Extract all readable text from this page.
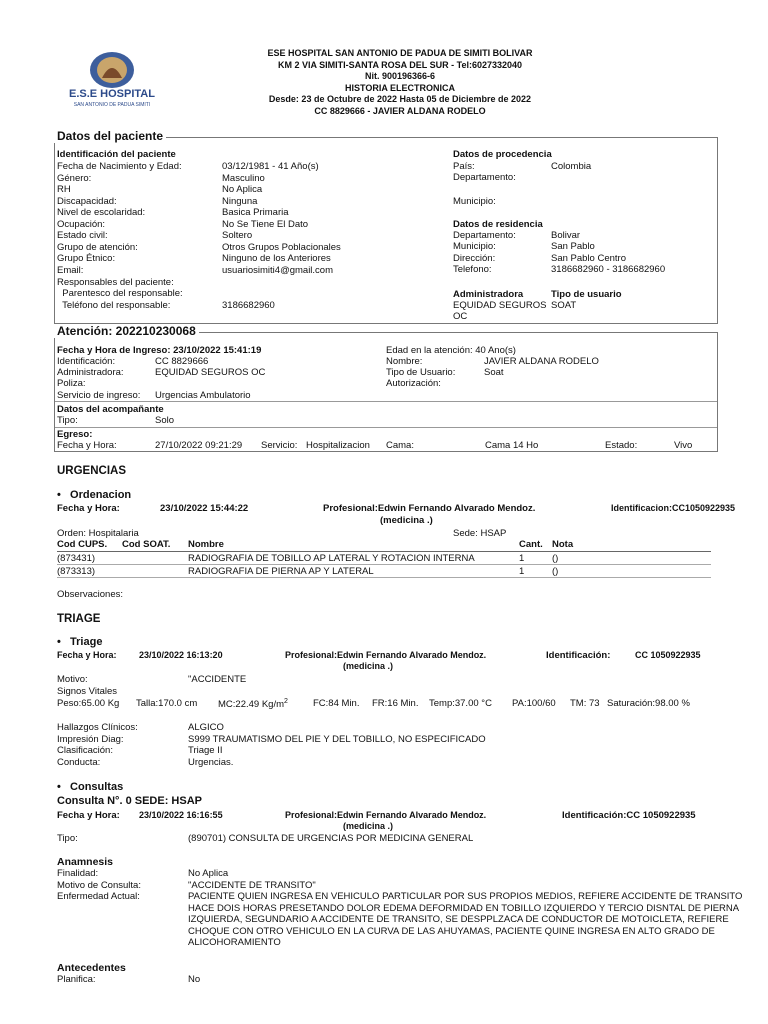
E.S.E HOSPITAL
SAN ANTONIO DE PADUA SIMITI
ESE HOSPITAL SAN ANTONIO DE PADUA DE SIMITI BOLIVAR
KM 2 VIA SIMITI-SANTA ROSA DEL SUR - Tel:6027332040
Nit. 900196366-6
HISTORIA ELECTRONICA
Desde: 23 de Octubre de 2022 Hasta 05 de Diciembre de 2022
CC 8829666 - JAVIER ALDANA RODELO
Datos del paciente
Identificación del paciente
Fecha de Nacimiento y Edad:	03/12/1981 - 41 Año(s)
Género:	Masculino
RH	No Aplica
Discapacidad:	Ninguna
Nivel de escolaridad:	Basica Primaria
Ocupación:	No Se Tiene El Dato
Estado civil:	Soltero
Grupo de atención:	Otros Grupos Poblacionales
Grupo Étnico:	Ninguno de los Anteriores
Email:	usuariosimiti4@gmail.com
Responsables del paciente:
Parentesco del responsable:
Teléfono del responsable:	3186682960
Datos de procedencia
País:	Colombia
Departamento:
Municipio:
Datos de residencia
Departamento:	Bolivar
Municipio:	San Pablo
Dirección:	San Pablo Centro
Telefono:	3186682960 - 3186682960
Administradora	Tipo de usuario
EQUIDAD SEGUROS
OC
SOAT
Atención: 202210230068
Fecha y Hora de Ingreso: 23/10/2022 15:41:19
Identificación:	CC 8829666
Administradora:	EQUIDAD SEGUROS OC
Poliza:
Servicio de ingreso: Urgencias Ambulatorio
Edad en la atención: 40 Ano(s)
Nombre:	JAVIER ALDANA RODELO
Tipo de Usuario:	Soat
Autorización:
Datos del acompañante
Tipo:	Solo
Egreso:
Fecha y Hora:	27/10/2022 09:21:29 Servicio: Hospitalizacion Cama:	Cama 14 Ho	Estado:	Vivo
URGENCIAS
•   Ordenacion
Fecha y Hora:	23/10/2022 15:44:22	Profesional:Edwin Fernando Alvarado Mendoz.
(medicina .)
Identificacion:CC1050922935
Orden: Hospitalaria	Sede: HSAP
Cod CUPS. Cod SOAT. Nombre	Cant. Nota
(873431)	RADIOGRAFIA DE TOBILLO AP LATERAL Y ROTACION INTERNA	1	()
(873313)	RADIOGRAFIA DE PIERNA AP Y LATERAL	1	()
Observaciones:
TRIAGE
•   Triage
Fecha y Hora: 23/10/2022 16:13:20	Profesional:Edwin Fernando Alvarado Mendoz.
(medicina .)
Identificación:	CC 1050922935
Motivo:	"ACCIDENTE
Signos Vitales
Peso:65.00 Kg Talla:170.0 cm MC:22.49 $Kg/m^2$	FC:84 Min. FR:16 Min. Temp:37.00 °C PA:100/60 TM: 73 Saturación:98.00 %
Hallazgos Clínicos:	ALGICO
Impresión Diag:	S999 TRAUMATISMO DEL PIE Y DEL TOBILLO, NO ESPECIFICADO
Clasificación:	Triage II
Conducta:	Urgencias.
•   Consultas
Consulta N°. 0 SEDE: HSAP
Fecha y Hora: 23/10/2022 16:16:55	Profesional:Edwin Fernando Alvarado Mendoz.
(medicina .)
Identificación:CC 1050922935
Tipo:	(890701) CONSULTA DE URGENCIAS POR MEDICINA GENERAL
Anamnesis
Finalidad:	No Aplica
Motivo de Consulta:	"ACCIDENTE DE TRANSITO"
Enfermedad Actual:	PACIENTE QUIEN INGRESA EN VEHICULO PARTICULAR POR SUS PROPIOS MEDIOS, REFIERE ACCIDENTE DE TRANSITO
HACE DOIS HORAS PRESETANDO DOLOR EDEMA DEFORMIDAD EN TOBILLO IZQUIERDO Y TERCIO DISNTAL DE PIERNA
IZQUIERDA, SEGUNDARIO A ACCIDENTE DE TRANSITO, SE DESPPLZACA DE CONDUCTOR DE MOTOICLETA, REFIERE
CHOQUE CON OTRO VEHICULO EN LA CURVA DE LAS AHUYAMAS, PACIENTE QUINE INGRESA EN ALTO GRADO DE
ALICOHORAMIENTO
Antecedentes
Planifica:	No
